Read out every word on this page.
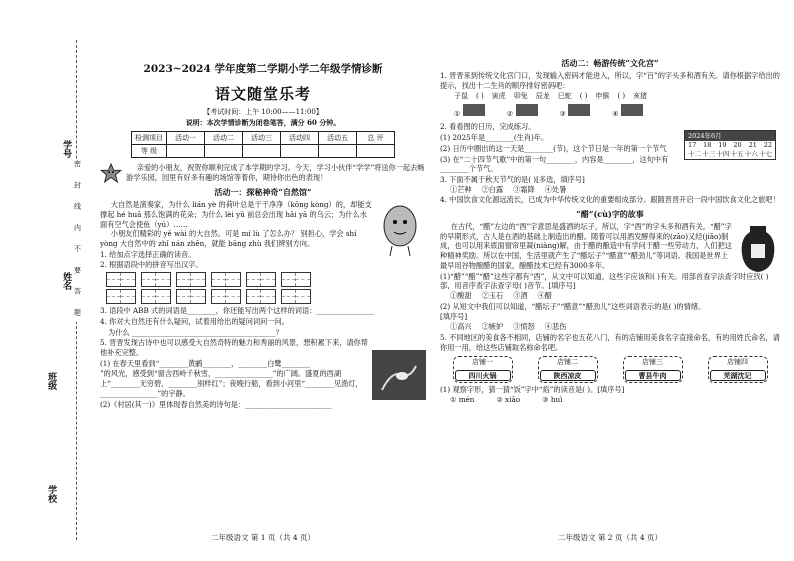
学号
姓名
班级
学校
密 封 线 内 不 要 答 题
2023~2024 学年度第二学期小学二年级学情诊断
语文随堂乐考
【考试时间：上午 10:00——11:00】
说明：本次学情诊断为闭卷笔答，满分 60 分钟。
检测项目	活动一	活动二	活动三	活动四	活动五	总 评
等 级						
亲爱的小朋友，祝贺你顺利完成了本学期的学习。今天，学习小伙伴“学学”将送你一起去畅游学乐园，园里有好多有趣的场馆等着你，期待你出色的表现！
活动一：探秘神奇“自然馆”
大自然是演奏家，为什么 lián yè 的荷叶总是干干净净（kōng kòng）的，却能支撑起 hé huā 那么饱满的花朵；为什么 lèi yǔ 前总会出现 hǎi yā 的乌云；为什么水面有空气会使鱼（yú）……
小朋友们精彩的 yě wài 的大自然。可是 mí lù 了怎么办？ 别担心，学会 shí yòng 大自然中的 zhǐ nán zhēn，就能 bāng zhù 我们辨别方向。
1. 给加点字选择正确的读音。
2. 根据语段中的拼音写出汉字。
3. 语段中 ABB 式的词语是________，你还能写出两个这样的词语：________________
4. 你对大自然还有什么疑问，试着用给出的疑问词问一问。
为什么 ________________________________________？
5. 晋晋发现古诗中也可以感受大自然奇特的魅力和秀丽的风景，想积累下来，请你帮他补充完整。
(1) 在春天里看到“________黄鹂________，________白鹭________
”的风光，感受到“窗含西岭千秋雪，________________”的广阔。盛夏的西湖上“________无穷碧，________别样红”；夜晚行船，看到小河里“________见渔灯，________________”的宇静。
(2)《村居(其一)》里体现春自然美的诗句是：________________________
二年级语文 第 1 页（共 4 页）
活动二：畅游传统“文化宫”
1. 晋晋来到传统文化宫门口，发现输入密码才能进入，所以，字“百”的字头多和酒有关。请你根据字给出的提示，找出十二生肖的顺序排好密码吧：
子鼠 ( ) 寅虎 卯兔 辰龙 巳蛇 ( ) 申猴 ( ) 亥猪
①	②	③	④
2. 看看图的日历，完成练习。
(1) 2025年是________(生肖)年。
(2) 日历中圈出的这一天是________(节)，这个节日是一年的第一个节气
(3) 在“二十四节气歌”中的第一句________，内容是________，这句中有________个节气。
2024年6月
17 18 19 20 21 22
十二 十三 十四 十五 十六 十七
3. 下面不属于秋天节气的是( )[多选，填序号]
①芒种 ②白露 ③霜降 ④处暑
4. 中国饮食文化源远流长，已成为中华传统文化的重要组成部分。跟随晋晋开启一段中国饮食文化之旅吧！
“醋”(cù)字的故事
在古代，“醋”左边的“酉”字意思是盛酒的坛子，所以，字“酉”的字头多和酒有关。“醋”字的早期形式，古人是在酒的基础上制造出的醋。随着可以用酒发酵得来的(zāo)又经(jiǎo)制成，也可以用来底面窗帘里凝(niàng)解，由于醋的酿造中有学问于醋一些劳动力，人们把这种精神奖励。所以在中国，生活里就产生了“醋坛子”“醋意”“醋劲儿”等词语。我国是世界上最早用谷物酿醋的国家，酿醋技术已经有3000多年。
(1)“醋”“醋”“醋”这些字都有“酉”，从文中可以知道，这些字应该和( )有关。用部首查字法查字时应找( )部，用音序查字法查字母( )音节。[填序号]
①酸甜 ②玉石 ③酒 ④醋
(2) 从短文中我们可以知道，“醋坛子”“醋意”“醋劲儿”这些词语表示的是( )的情绪。
[填序号]
①高兴 ②嫉妒 ③愤怒 ④悲伤
5. 不同地区的美食各不相同，店铺的名字也五花八门，有的店铺用美食名字直接命名，有的用姓氏命名，请你用一用，给这些店铺取名称命名吧。
店铺一
四川火锅
店铺二
陕西凉皮
店铺三
曹县牛肉
店铺四
芜湖沈记
(1) 观察字形，猜一猜“饭”字中“焰”的读音是( )。[填序号]
① mén	② xiāo	③ huì
二年级语文 第 2 页（共 4 页）
